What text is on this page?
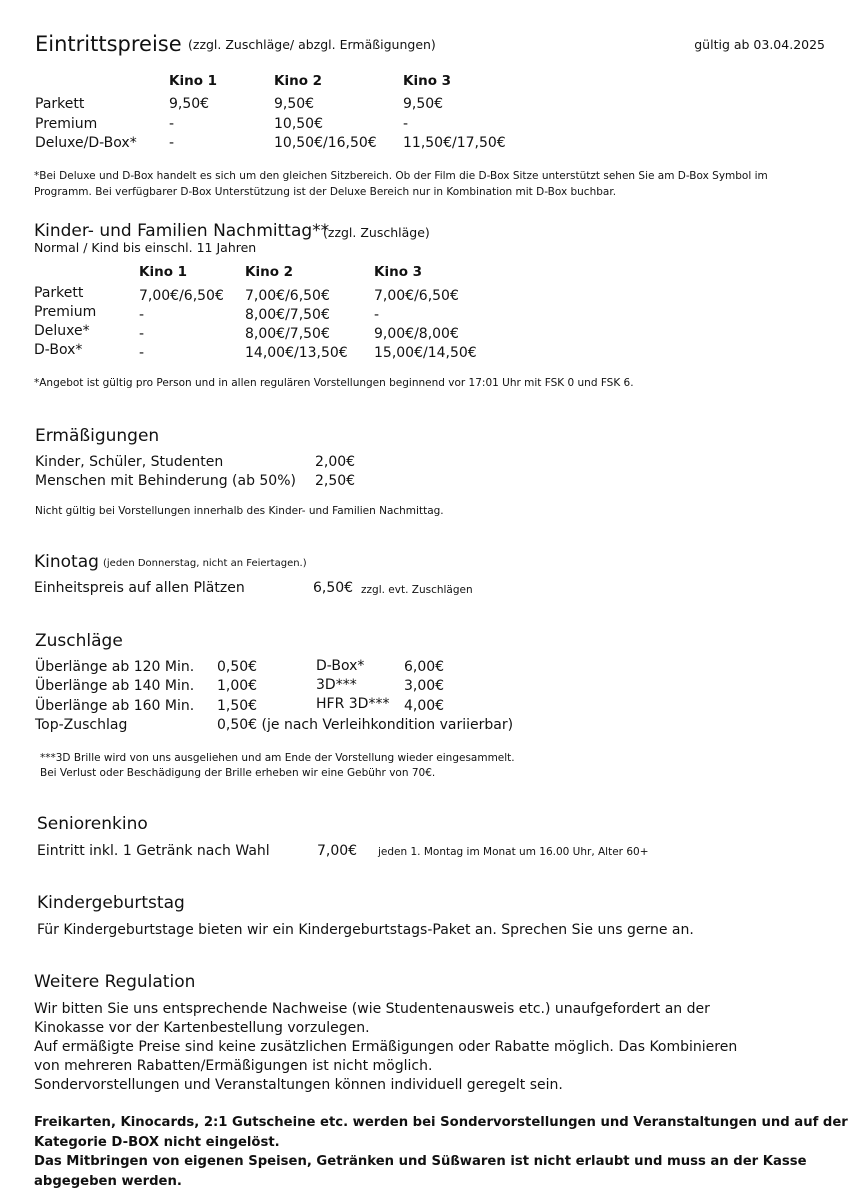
Eintrittspreise (zzgl. Zuschläge/ abzgl. Ermäßigungen)	gültig ab 03.04.2025
Kino 1	Kino 2	Kino 3
Parkett	9,50€	9,50€	9,50€
Premium	-	10,50€	-
Deluxe/D-Box* -	10,50€/16,50€ 11,50€/17,50€
*Bei Deluxe und D-Box handelt es sich um den gleichen Sitzbereich. Ob der Film die D-Box Sitze unterstützt sehen Sie am D-Box Symbol im
Programm. Bei verfügbarer D-Box Unterstützung ist der Deluxe Bereich nur in Kombination mit D-Box buchbar.
Kinder- und Familien Nachmittag**
(zzgl. Zuschläge)
Normal / Kind bis einschl. 11 Jahren
Kino 1	Kino 2	Kino 3
Parkett	7,00€/6,50€ 7,00€/6,50€	7,00€/6,50€
Premium	-	8,00€/7,50€	-
Deluxe*	-	8,00€/7,50€	9,00€/8,00€
D-Box*	-	14,00€/13,50€ 15,00€/14,50€
*Angebot ist gültig pro Person und in allen regulären Vorstellungen beginnend vor 17:01 Uhr mit FSK 0 und FSK 6.
Ermäßigungen
Kinder, Schüler, Studenten	2,00€
Menschen mit Behinderung (ab 50%) 2,50€
Nicht gültig bei Vorstellungen innerhalb des Kinder- und Familien Nachmittag.
Kinotag (jeden Donnerstag, nicht an Feiertagen.)
Einheitspreis auf allen Plätzen	6,50€ zzgl. evt. Zuschlägen
Zuschläge
Überlänge ab 120 Min. 0,50€
Überlänge ab 140 Min. 1,00€
Überlänge ab 160 Min. 1,50€
Top-Zuschlag	0,50€ (je nach Verleihkondition variierbar)
D-Box*	6,00€
3D***	3,00€
HFR 3D*** 4,00€
***3D Brille wird von uns ausgeliehen und am Ende der Vorstellung wieder eingesammelt.
Bei Verlust oder Beschädigung der Brille erheben wir eine Gebühr von 70€.
Seniorenkino
Eintritt inkl. 1 Getränk nach Wahl	7,00€ jeden 1. Montag im Monat um 16.00 Uhr, Alter 60+
Kindergeburtstag
Für Kindergeburtstage bieten wir ein Kindergeburtstags-Paket an. Sprechen Sie uns gerne an.
Weitere Regulation
Wir bitten Sie uns entsprechende Nachweise (wie Studentenausweis etc.) unaufgefordert an der
Kinokasse vor der Kartenbestellung vorzulegen.
Auf ermäßigte Preise sind keine zusätzlichen Ermäßigungen oder Rabatte möglich. Das Kombinieren
von mehreren Rabatten/Ermäßigungen ist nicht möglich.
Sondervorstellungen und Veranstaltungen können individuell geregelt sein.
Freikarten, Kinocards, 2:1 Gutscheine etc. werden bei Sondervorstellungen und Veranstaltungen und auf der
Kategorie D-BOX nicht eingelöst.
Das Mitbringen von eigenen Speisen, Getränken und Süßwaren ist nicht erlaubt und muss an der Kasse
abgegeben werden.
